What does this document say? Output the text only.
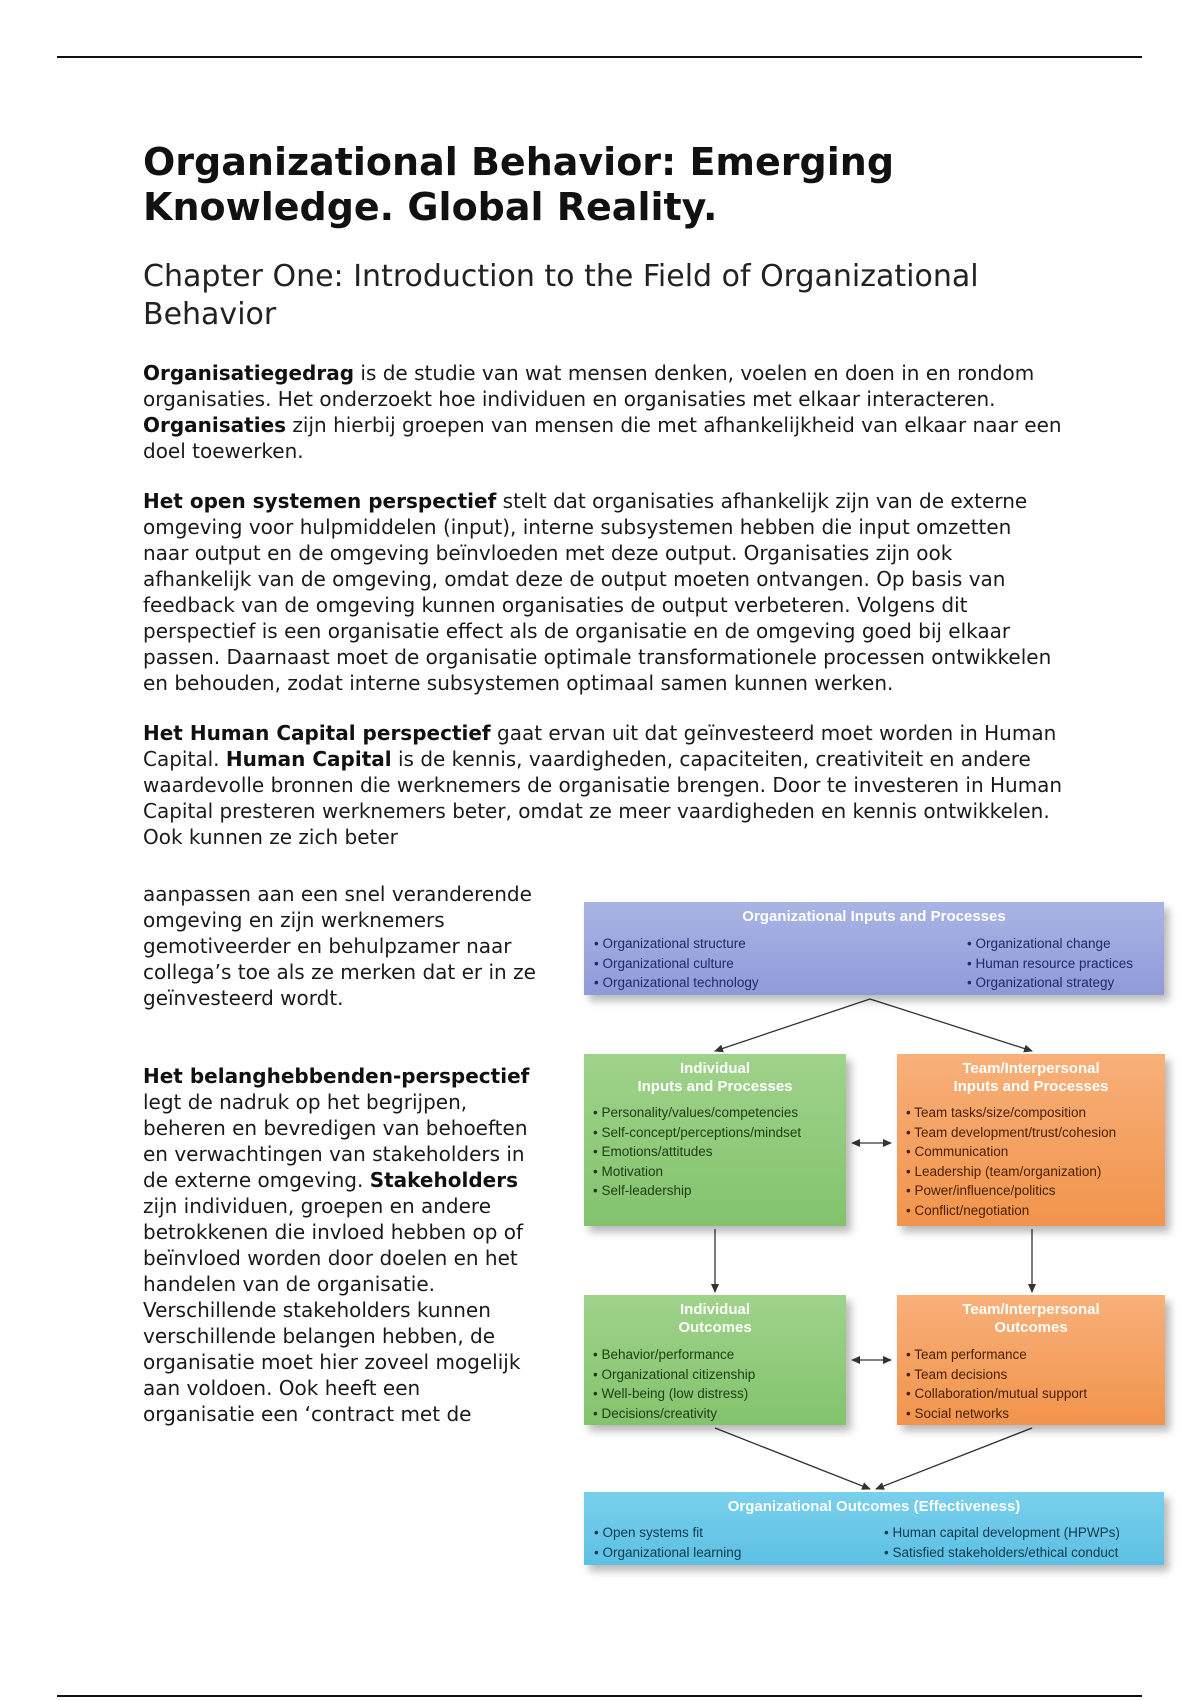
Organizational Behavior: Emerging Knowledge. Global Reality.
Chapter One: Introduction to the Field of Organizational Behavior

Organisatiegedrag is de studie van wat mensen denken, voelen en doen in en rondom organisaties. Het onderzoekt hoe individuen en organisaties met elkaar interacteren. Organisaties zijn hierbij groepen van mensen die met afhankelijkheid van elkaar naar een doel toewerken.

Het open systemen perspectief stelt dat organisaties afhankelijk zijn van de externe omgeving voor hulpmiddelen (input), interne subsystemen hebben die input omzetten naar output en de omgeving beïnvloeden met deze output. Organisaties zijn ook afhankelijk van de omgeving, omdat deze de output moeten ontvangen. Op basis van feedback van de omgeving kunnen organisaties de output verbeteren. Volgens dit perspectief is een organisatie effect als de organisatie en de omgeving goed bij elkaar passen. Daarnaast moet de organisatie optimale transformationele processen ontwikkelen en behouden, zodat interne subsystemen optimaal samen kunnen werken.

Het Human Capital perspectief gaat ervan uit dat geïnvesteerd moet worden in Human Capital. Human Capital is de kennis, vaardigheden, capaciteiten, creativiteit en andere waardevolle bronnen die werknemers de organisatie brengen. Door te investeren in Human Capital presteren werknemers beter, omdat ze meer vaardigheden en kennis ontwikkelen. Ook kunnen ze zich beter

aanpassen aan een snel veranderende omgeving en zijn werknemers gemotiveerder en behulpzamer naar collega’s toe als ze merken dat er in ze geïnvesteerd wordt.
Het belanghebbenden-perspectief legt de nadruk op het begrijpen, beheren en bevredigen van behoeften en verwachtingen van stakeholders in de externe omgeving. Stakeholders zijn individuen, groepen en andere betrokkenen die invloed hebben op of beïnvloed worden door doelen en het handelen van de organisatie. Verschillende stakeholders kunnen verschillende belangen hebben, de organisatie moet hier zoveel mogelijk aan voldoen. Ook heeft een organisatie een ‘contract met de
Organizational Inputs and Processes
• Organizational structure
• Organizational culture
• Organizational technology
• Organizational change
• Human resource practices
• Organizational strategy
Individual
Inputs and Processes
• Personality/values/competencies
• Self-concept/perceptions/mindset
• Emotions/attitudes
• Motivation
• Self-leadership
Team/Interpersonal
Inputs and Processes
• Team tasks/size/composition
• Team development/trust/cohesion
• Communication
• Leadership (team/organization)
• Power/influence/politics
• Conflict/negotiation
Individual
Outcomes
• Behavior/performance
• Organizational citizenship
• Well-being (low distress)
• Decisions/creativity
Team/Interpersonal
Outcomes
• Team performance
• Team decisions
• Collaboration/mutual support
• Social networks
Organizational Outcomes (Effectiveness)
• Open systems fit
• Organizational learning
• Human capital development (HPWPs)
• Satisfied stakeholders/ethical conduct
